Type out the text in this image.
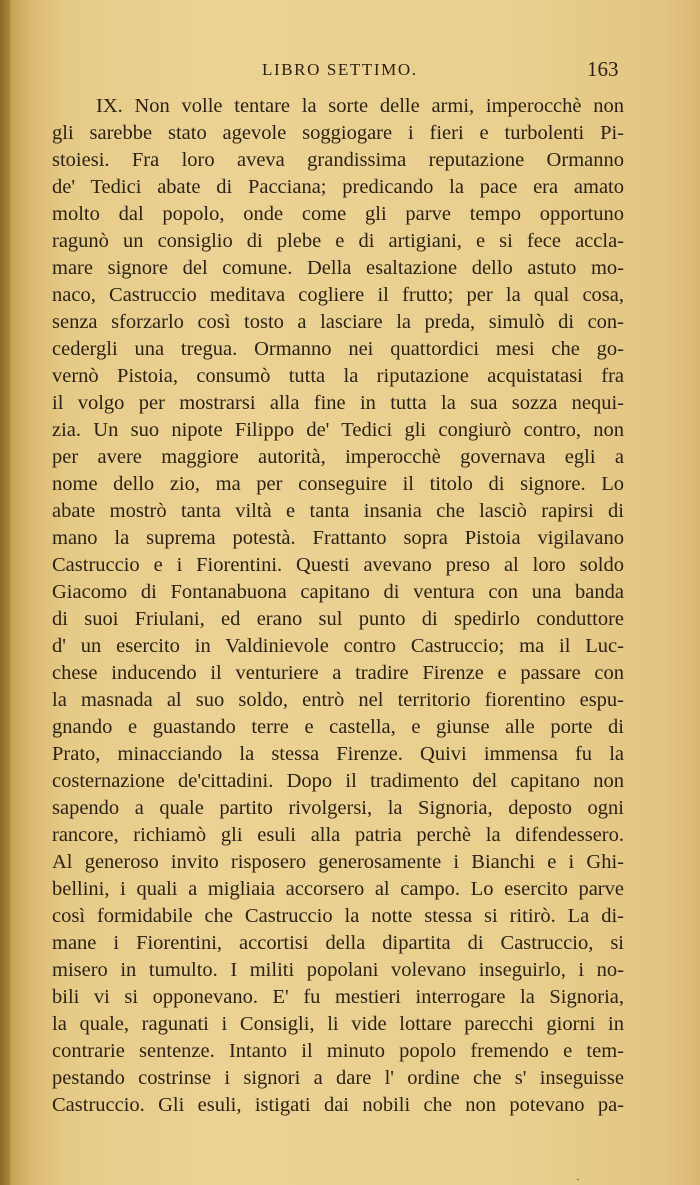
LIBRO SETTIMO.	163
IX. Non volle tentare la sorte delle armi, imperocchè non
gli sarebbe stato agevole soggiogare i fieri e turbolenti Pi-
stoiesi. Fra loro aveva grandissima reputazione Ormanno
de' Tedici abate di Pacciana; predicando la pace era amato
molto dal popolo, onde come gli parve tempo opportuno
ragunò un consiglio di plebe e di artigiani, e si fece accla-
mare signore del comune. Della esaltazione dello astuto mo-
naco, Castruccio meditava cogliere il frutto; per la qual cosa,
senza sforzarlo così tosto a lasciare la preda, simulò di con-
cedergli una tregua. Ormanno nei quattordici mesi che go-
vernò Pistoia, consumò tutta la riputazione acquistatasi fra
il volgo per mostrarsi alla fine in tutta la sua sozza nequi-
zia. Un suo nipote Filippo de' Tedici gli congiurò contro, non
per avere maggiore autorità, imperocchè governava egli a
nome dello zio, ma per conseguire il titolo di signore. Lo
abate mostrò tanta viltà e tanta insania che lasciò rapirsi di
mano la suprema potestà. Frattanto sopra Pistoia vigilavano
Castruccio e i Fiorentini. Questi avevano preso al loro soldo
Giacomo di Fontanabuona capitano di ventura con una banda
di suoi Friulani, ed erano sul punto di spedirlo conduttore
d' un esercito in Valdinievole contro Castruccio; ma il Luc-
chese inducendo il venturiere a tradire Firenze e passare con
la masnada al suo soldo, entrò nel territorio fiorentino espu-
gnando e guastando terre e castella, e giunse alle porte di
Prato, minacciando la stessa Firenze. Quivi immensa fu la
costernazione de'cittadini. Dopo il tradimento del capitano non
sapendo a quale partito rivolgersi, la Signoria, deposto ogni
rancore, richiamò gli esuli alla patria perchè la difendessero.
Al generoso invito risposero generosamente i Bianchi e i Ghi-
bellini, i quali a migliaia accorsero al campo. Lo esercito parve
così formidabile che Castruccio la notte stessa si ritirò. La di-
mane i Fiorentini, accortisi della dipartita di Castruccio, si
misero in tumulto. I militi popolani volevano inseguirlo, i no-
bili vi si opponevano. E' fu mestieri interrogare la Signoria,
la quale, ragunati i Consigli, li vide lottare parecchi giorni in
contrarie sentenze. Intanto il minuto popolo fremendo e tem-
pestando costrinse i signori a dare l' ordine che s' inseguisse
Castruccio. Gli esuli, istigati dai nobili che non potevano pa-
ˎ
